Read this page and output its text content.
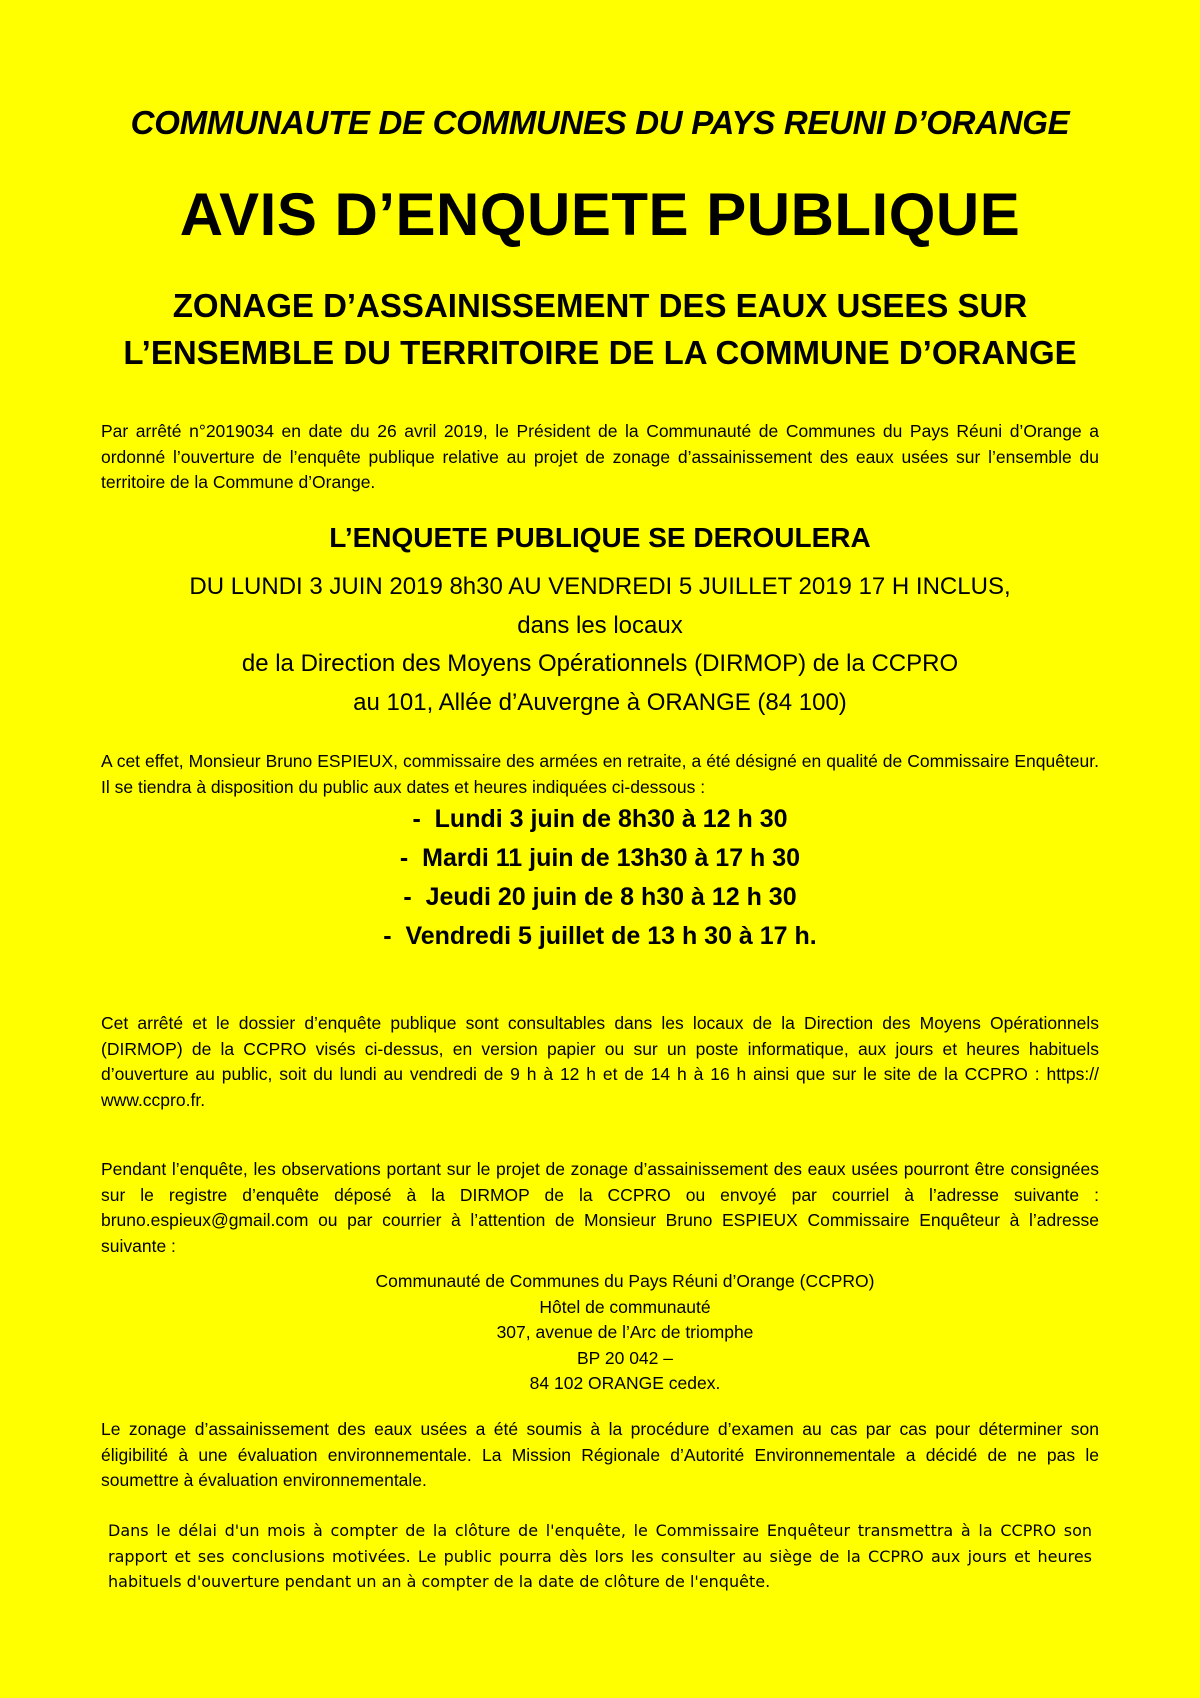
COMMUNAUTE DE COMMUNES DU PAYS REUNI D’ORANGE
AVIS D’ENQUETE PUBLIQUE
ZONAGE D’ASSAINISSEMENT DES EAUX USEES SUR
L’ENSEMBLE DU TERRITOIRE DE LA COMMUNE D’ORANGE
Par arrêté n°2019034 en date du 26 avril 2019, le Président de la Communauté de Communes du Pays Réuni d’Orange a ordonné l’ouverture de l’enquête publique relative au projet de zonage d’assainissement des eaux usées sur l’ensemble du territoire de la Commune d’Orange.
L’ENQUETE PUBLIQUE SE DEROULERA
DU LUNDI 3 JUIN 2019 8h30 AU VENDREDI 5 JUILLET 2019 17 H INCLUS,
dans les locaux
de la Direction des Moyens Opérationnels (DIRMOP) de la CCPRO
au 101, Allée d’Auvergne à ORANGE (84 100)
A cet effet, Monsieur Bruno ESPIEUX, commissaire des armées en retraite, a été désigné en qualité de Commissaire Enquêteur. Il se tiendra à disposition du public aux dates et heures indiquées ci-dessous :
-  Lundi 3 juin de 8h30 à 12 h 30
-  Mardi 11 juin de 13h30 à 17 h 30
-  Jeudi 20 juin de 8 h30 à 12 h 30
-  Vendredi 5 juillet de 13 h 30 à 17 h.
Cet arrêté et le dossier d’enquête publique sont consultables dans les locaux de la Direction des Moyens Opérationnels (DIRMOP) de la CCPRO visés ci-dessus, en version papier ou sur un poste informatique, aux jours et heures habituels d’ouverture au public, soit du lundi au vendredi de 9 h à 12 h et de 14 h à 16 h ainsi que sur le site de la CCPRO : https:// www.ccpro.fr.
Pendant l’enquête, les observations portant sur le projet de zonage d’assainissement des eaux usées pourront être consignées sur le registre d’enquête déposé à la DIRMOP de la CCPRO ou envoyé par courriel à l’adresse suivante : bruno.espieux@gmail.com ou par courrier à l’attention de Monsieur Bruno ESPIEUX Commissaire Enquêteur à l’adresse suivante :
Communauté de Communes du Pays Réuni d’Orange (CCPRO)
Hôtel de communauté
307, avenue de l’Arc de triomphe
BP 20 042 –
84 102 ORANGE cedex.
Le zonage d’assainissement des eaux usées a été soumis à la procédure d’examen au cas par cas pour déterminer son éligibilité à une évaluation environnementale. La Mission Régionale d’Autorité Environnementale a décidé de ne pas le soumettre à évaluation environnementale.
Dans le délai d'un mois à compter de la clôture de l'enquête, le Commissaire Enquêteur transmettra à la CCPRO son rapport et ses conclusions motivées. Le public pourra dès lors les consulter au siège de la CCPRO aux jours et heures habituels d'ouverture pendant un an à compter de la date de clôture de l'enquête.
